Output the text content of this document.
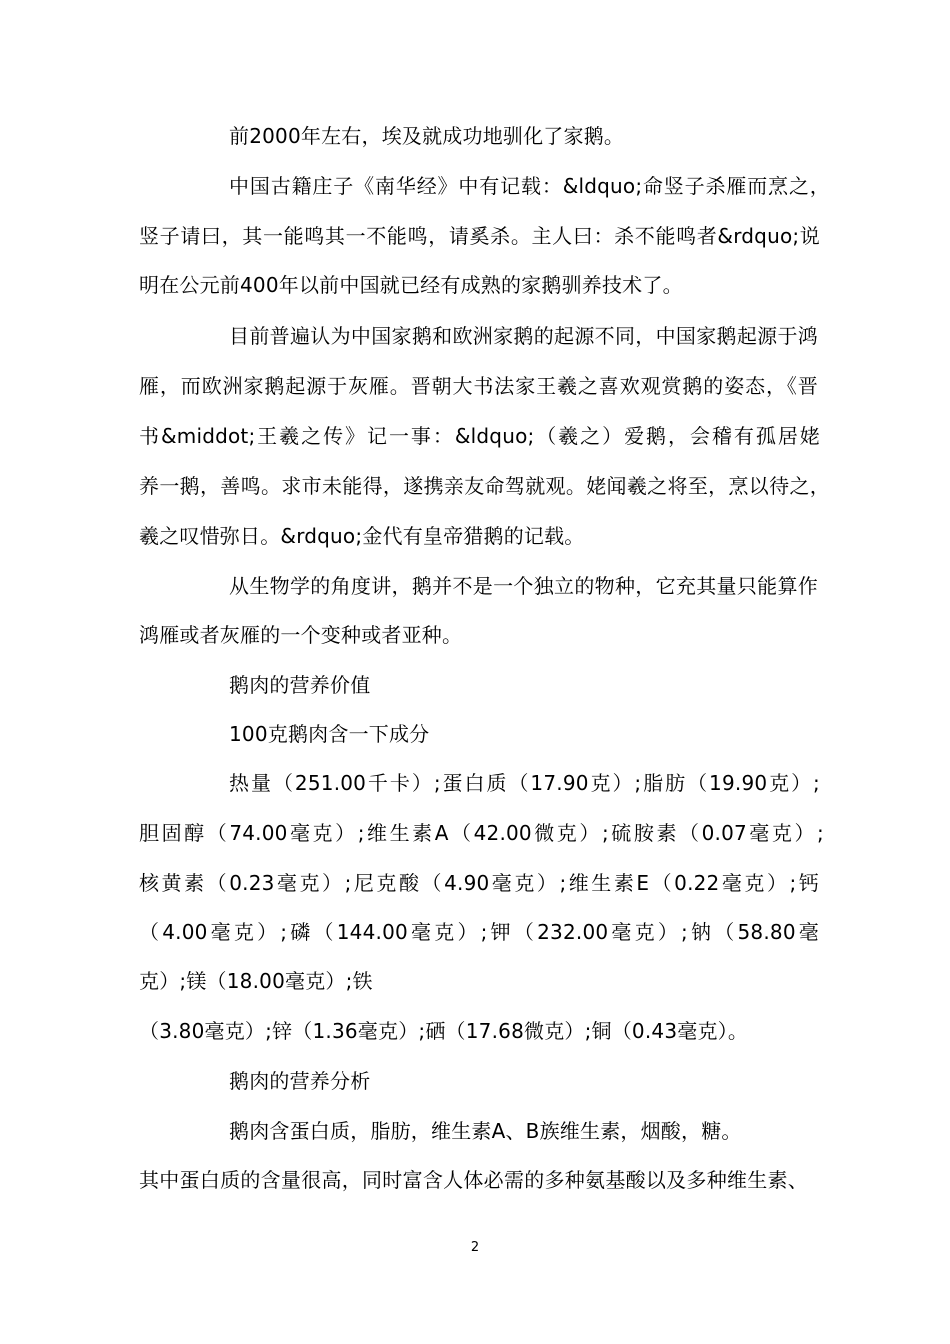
前2000年左右，埃及就成功地驯化了家鹅。
中国古籍庄子《南华经》中有记载：&ldquo;命竖子杀雁而烹之，
竖子请曰，其一能鸣其一不能鸣，请奚杀。主人曰：杀不能鸣者&rdquo;说
明在公元前400年以前中国就已经有成熟的家鹅驯养技术了。
目前普遍认为中国家鹅和欧洲家鹅的起源不同，中国家鹅起源于鸿
雁，而欧洲家鹅起源于灰雁。晋朝大书法家王羲之喜欢观赏鹅的姿态，《晋
书&middot;王羲之传》记一事：&ldquo;（羲之）爱鹅，会稽有孤居姥
养一鹅，善鸣。求市未能得，遂携亲友命驾就观。姥闻羲之将至，烹以待之，
羲之叹惜弥日。&rdquo;金代有皇帝猎鹅的记载。
从生物学的角度讲，鹅并不是一个独立的物种，它充其量只能算作
鸿雁或者灰雁的一个变种或者亚种。
鹅肉的营养价值
100克鹅肉含一下成分
热量（251.00千卡）;蛋白质（17.90克）;脂肪（19.90克）;
胆固醇（74.00毫克）;维生素A（42.00微克）;硫胺素（0.07毫克）;
核黄素（0.23毫克）;尼克酸（4.90毫克）;维生素E（0.22毫克）;钙
（4.00毫克）;磷（144.00毫克）;钾（232.00毫克）;钠（58.80毫
克）;镁（18.00毫克）;铁
（3.80毫克）;锌（1.36毫克）;硒（17.68微克）;铜（0.43毫克）。
鹅肉的营养分析
鹅肉含蛋白质，脂肪，维生素A、B族维生素，烟酸，糖。
其中蛋白质的含量很高，同时富含人体必需的多种氨基酸以及多种维生素、
2
